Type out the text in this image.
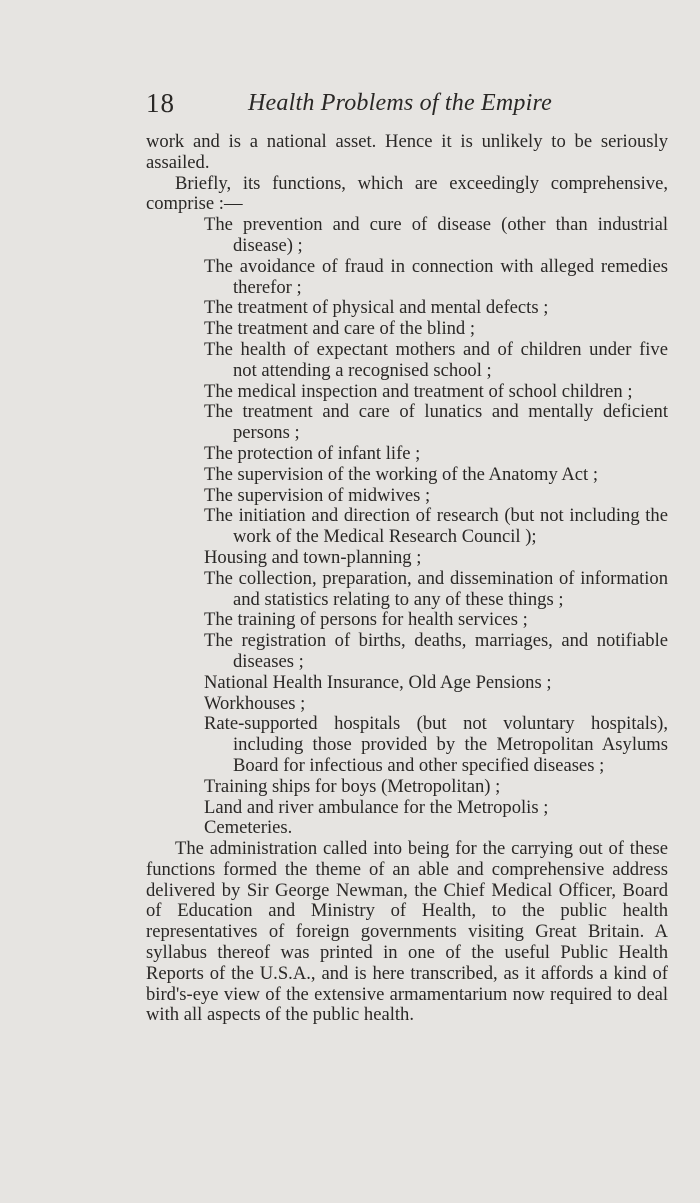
18	Health Problems of the Empire

work and is a national asset. Hence it is unlikely to be seriously assailed.

Briefly, its functions, which are exceedingly comprehensive, comprise :—

The prevention and cure of disease (other than industrial disease) ;
The avoidance of fraud in connection with alleged remedies therefor ;
The treatment of physical and mental defects ;
The treatment and care of the blind ;
The health of expectant mothers and of children under five not attending a recognised school ;
The medical inspection and treatment of school children ;
The treatment and care of lunatics and mentally deficient persons ;
The protection of infant life ;
The supervision of the working of the Anatomy Act ;
The supervision of midwives ;
The initiation and direction of research (but not including the work of the Medical Research Council );
Housing and town-planning ;
The collection, preparation, and dissemination of information and statistics relating to any of these things ;
The training of persons for health services ;
The registration of births, deaths, marriages, and notifiable diseases ;
National Health Insurance, Old Age Pensions ;
Workhouses ;
Rate-supported hospitals (but not voluntary hospitals), including those provided by the Metropolitan Asylums Board for infectious and other specified diseases ;
Training ships for boys (Metropolitan) ;
Land and river ambulance for the Metropolis ;
Cemeteries.

The administration called into being for the carrying out of these functions formed the theme of an able and comprehensive address delivered by Sir George Newman, the Chief Medical Officer, Board of Education and Ministry of Health, to the public health representatives of foreign governments visiting Great Britain. A syllabus thereof was printed in one of the useful Public Health Reports of the U.S.A., and is here transcribed, as it affords a kind of bird's-eye view of the extensive armamentarium now required to deal with all aspects of the public health.
